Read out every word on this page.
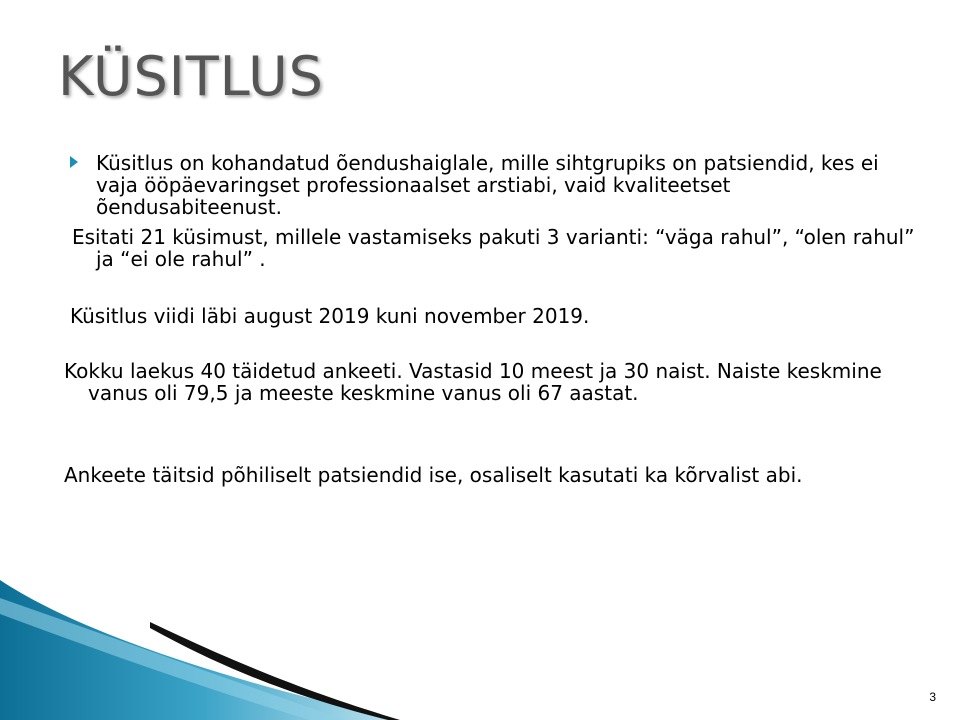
KÜSITLUS

Küsitlus on kohandatud õendushaiglale, mille sihtgrupiks on patsiendid, kes ei vaja ööpäevaringset professionaalset arstiabi, vaid kvaliteetset õendusabiteenust.

Esitati 21 küsimust, millele vastamiseks pakuti 3 varianti: “väga rahul”, “olen rahul” ja “ei ole rahul” .

Küsitlus viidi läbi august 2019 kuni november 2019.

Kokku laekus 40 täidetud ankeeti. Vastasid 10 meest ja 30 naist. Naiste keskmine vanus oli 79,5 ja meeste keskmine vanus oli 67 aastat.

Ankeete täitsid põhiliselt patsiendid ise, osaliselt kasutati ka kõrvalist abi.

3
